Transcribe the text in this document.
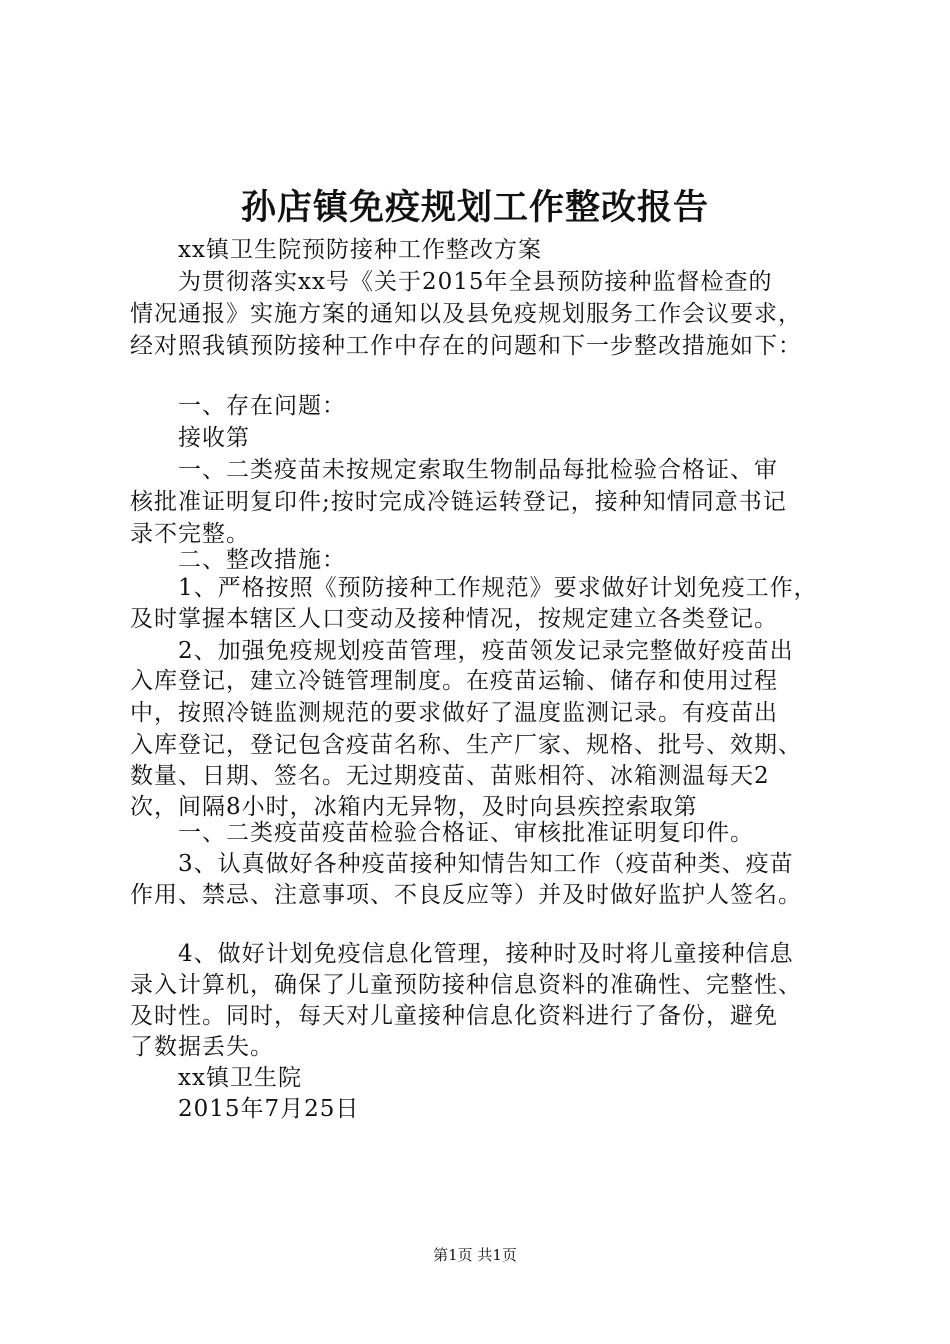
孙店镇免疫规划工作整改报告
xx镇卫生院预防接种工作整改方案
为贯彻落实xx号《关于2015年全县预防接种监督检查的
情况通报》实施方案的通知以及县免疫规划服务工作会议要求，
经对照我镇预防接种工作中存在的问题和下一步整改措施如下：
一、存在问题：
接收第
一、二类疫苗未按规定索取生物制品每批检验合格证、审
核批准证明复印件;按时完成冷链运转登记，接种知情同意书记
录不完整。
二、整改措施：
1、严格按照《预防接种工作规范》要求做好计划免疫工作，
及时掌握本辖区人口变动及接种情况，按规定建立各类登记。
2、加强免疫规划疫苗管理，疫苗领发记录完整做好疫苗出
入库登记，建立冷链管理制度。在疫苗运输、储存和使用过程
中，按照冷链监测规范的要求做好了温度监测记录。有疫苗出
入库登记，登记包含疫苗名称、生产厂家、规格、批号、效期、
数量、日期、签名。无过期疫苗、苗账相符、冰箱测温每天2
次，间隔8小时，冰箱内无异物，及时向县疾控索取第
一、二类疫苗疫苗检验合格证、审核批准证明复印件。
3、认真做好各种疫苗接种知情告知工作（疫苗种类、疫苗
作用、禁忌、注意事项、不良反应等）并及时做好监护人签名。
4、做好计划免疫信息化管理，接种时及时将儿童接种信息
录入计算机，确保了儿童预防接种信息资料的准确性、完整性、
及时性。同时，每天对儿童接种信息化资料进行了备份，避免
了数据丢失。
xx镇卫生院
2015年7月25日
第1页 共1页
